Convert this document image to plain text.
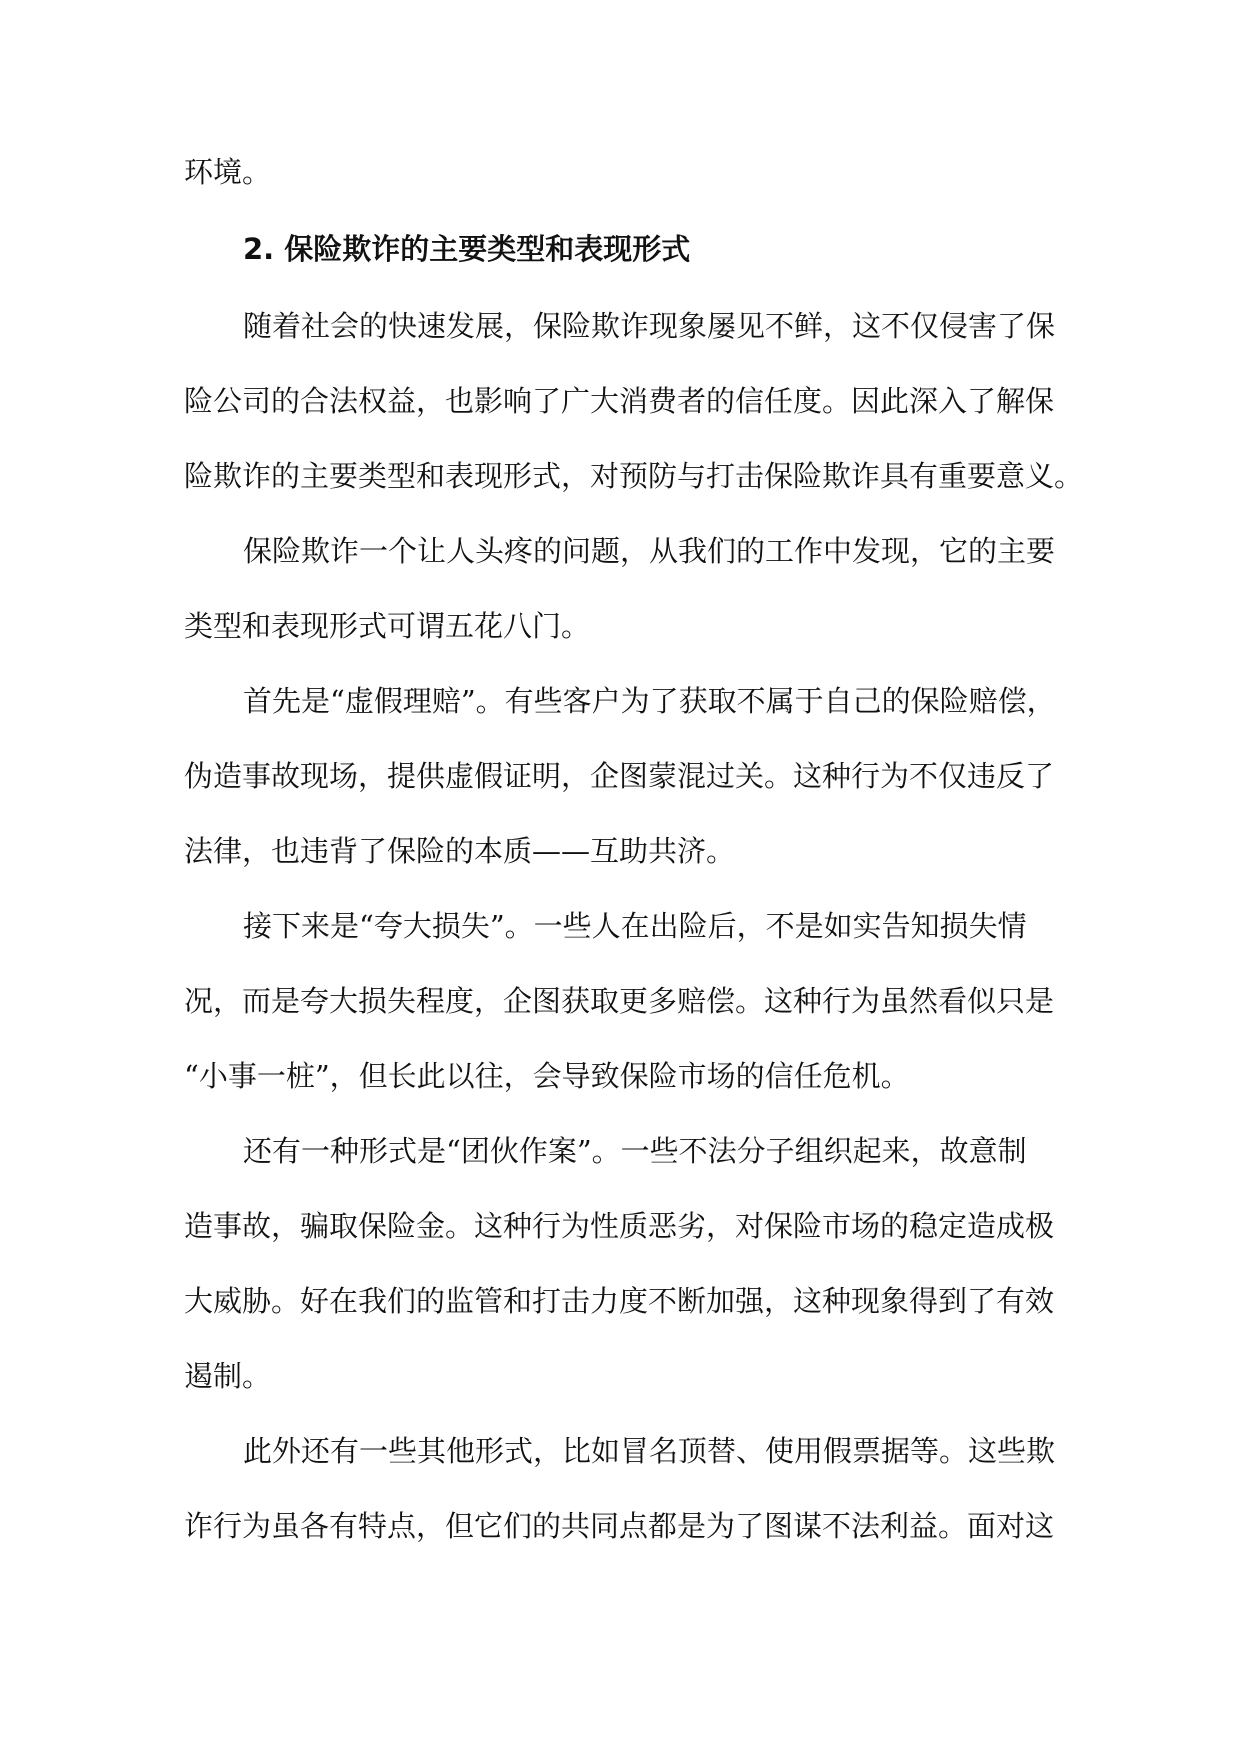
环境。
2. 保险欺诈的主要类型和表现形式
随着社会的快速发展，保险欺诈现象屡见不鲜，这不仅侵害了保
险公司的合法权益，也影响了广大消费者的信任度。因此深入了解保
险欺诈的主要类型和表现形式，对预防与打击保险欺诈具有重要意义。
保险欺诈一个让人头疼的问题，从我们的工作中发现，它的主要
类型和表现形式可谓五花八门。
首先是“虚假理赔”。有些客户为了获取不属于自己的保险赔偿，
伪造事故现场，提供虚假证明，企图蒙混过关。这种行为不仅违反了
法律，也违背了保险的本质——互助共济。
接下来是“夸大损失”。一些人在出险后，不是如实告知损失情
况，而是夸大损失程度，企图获取更多赔偿。这种行为虽然看似只是
“小事一桩”，但长此以往，会导致保险市场的信任危机。
还有一种形式是“团伙作案”。一些不法分子组织起来，故意制
造事故，骗取保险金。这种行为性质恶劣，对保险市场的稳定造成极
大威胁。好在我们的监管和打击力度不断加强，这种现象得到了有效
遏制。
此外还有一些其他形式，比如冒名顶替、使用假票据等。这些欺
诈行为虽各有特点，但它们的共同点都是为了图谋不法利益。面对这
